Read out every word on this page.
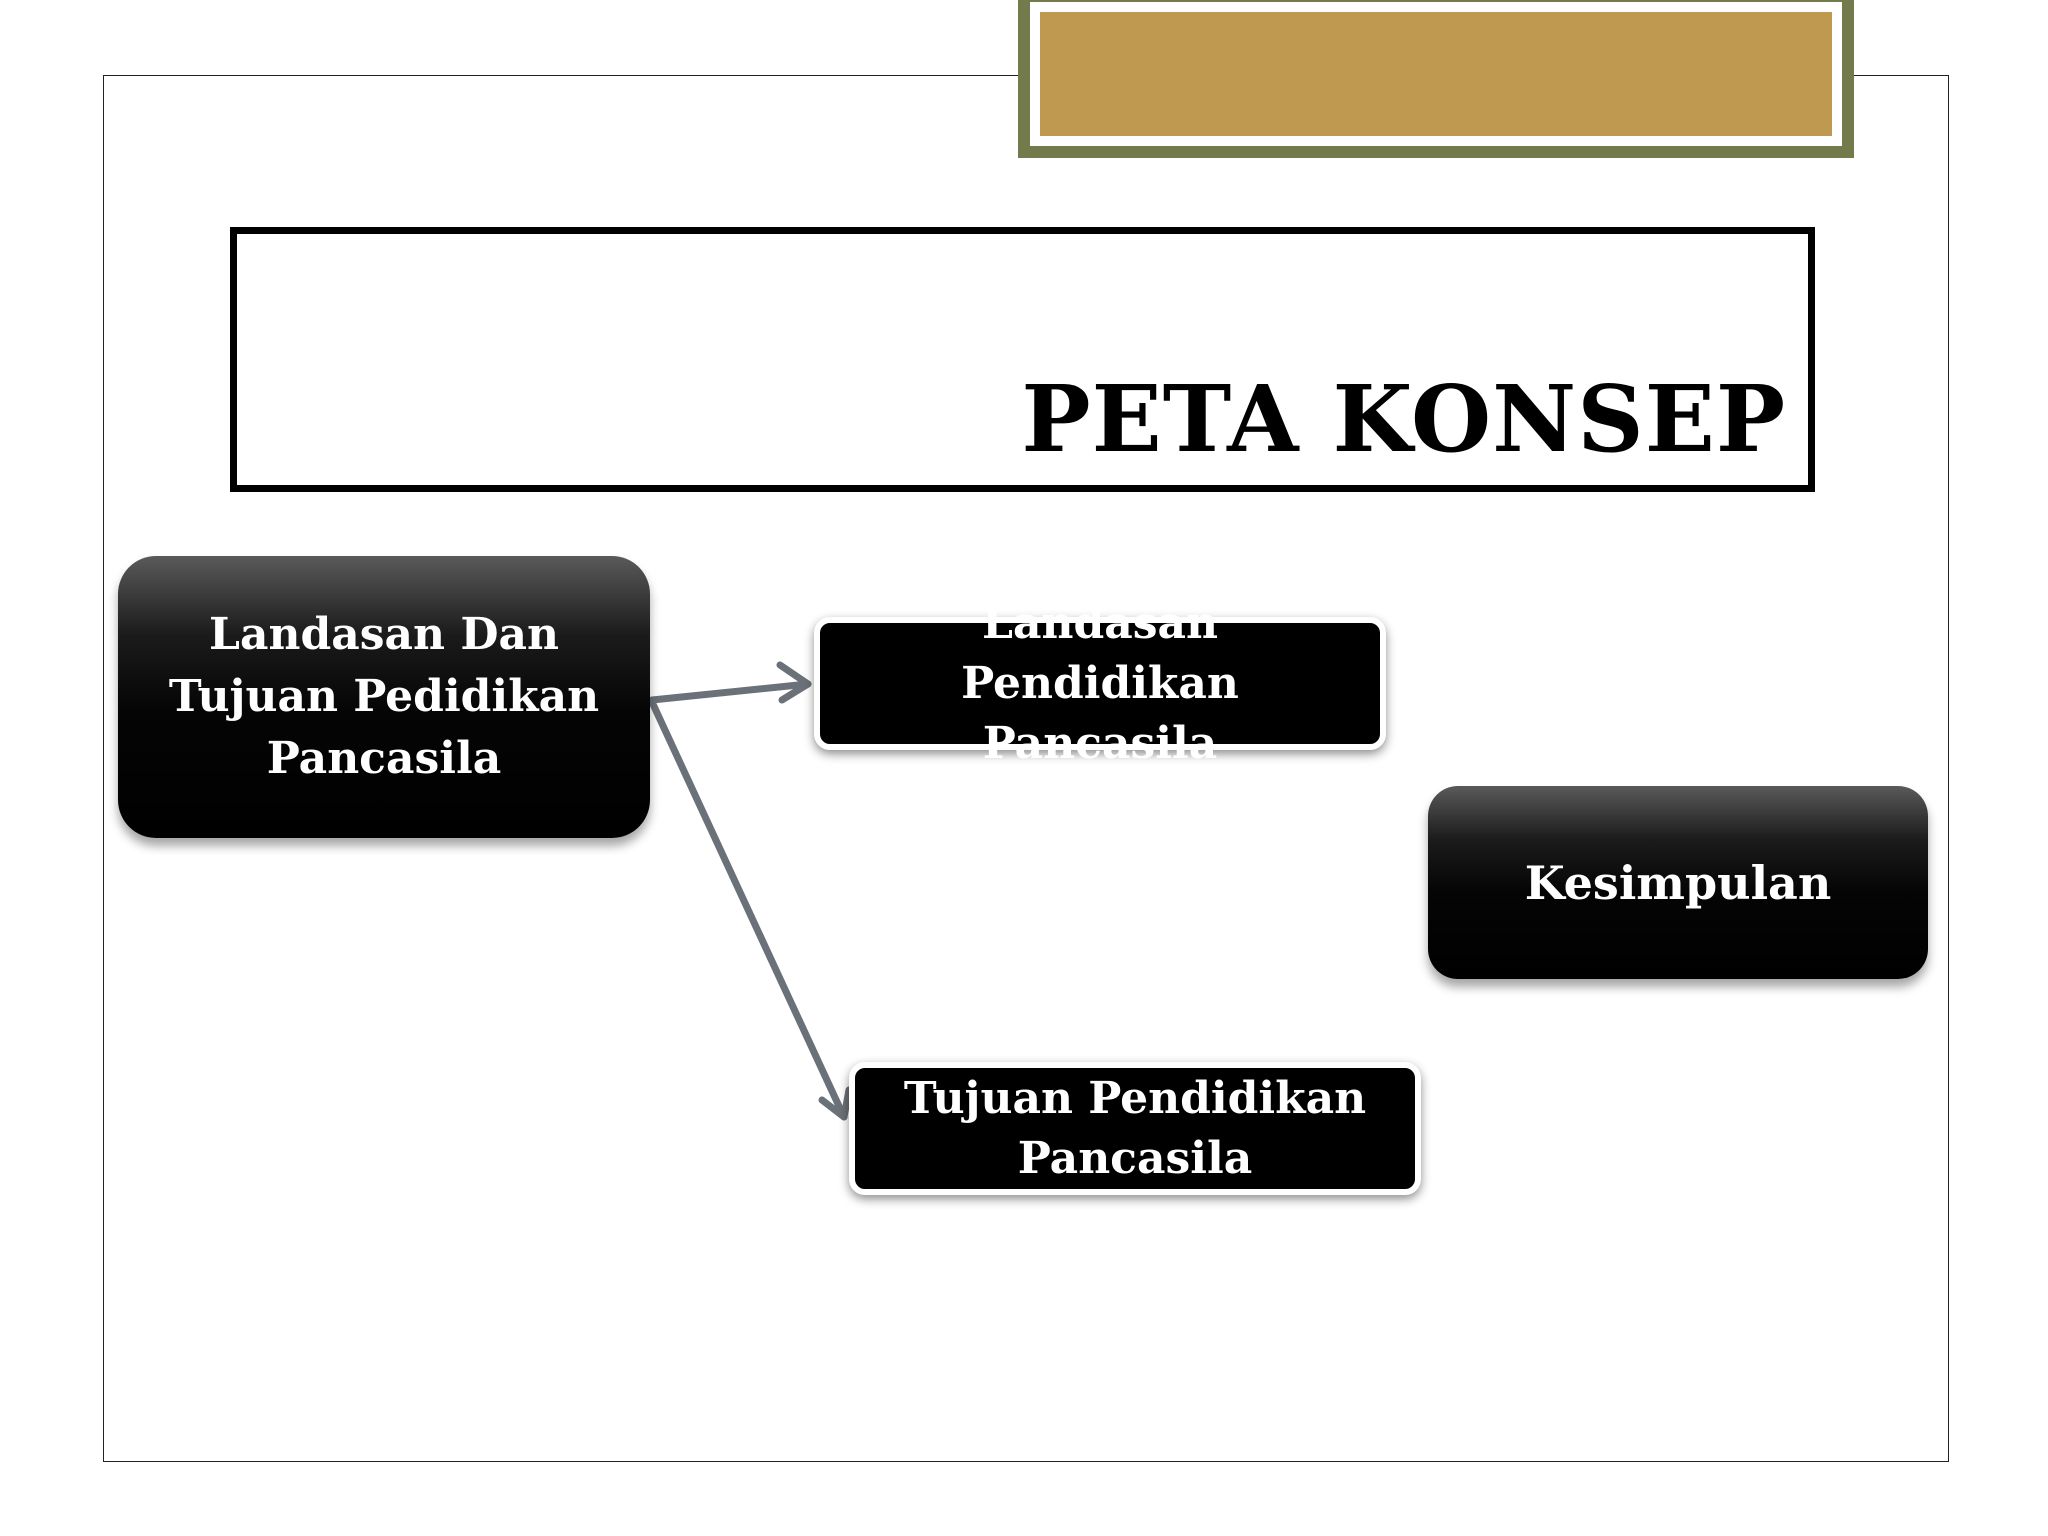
PETA KONSEP
Landasan Dan
Tujuan Pedidikan
Pancasila
Landasan Pendidikan
Pancasila
Tujuan Pendidikan
Pancasila
Kesimpulan
